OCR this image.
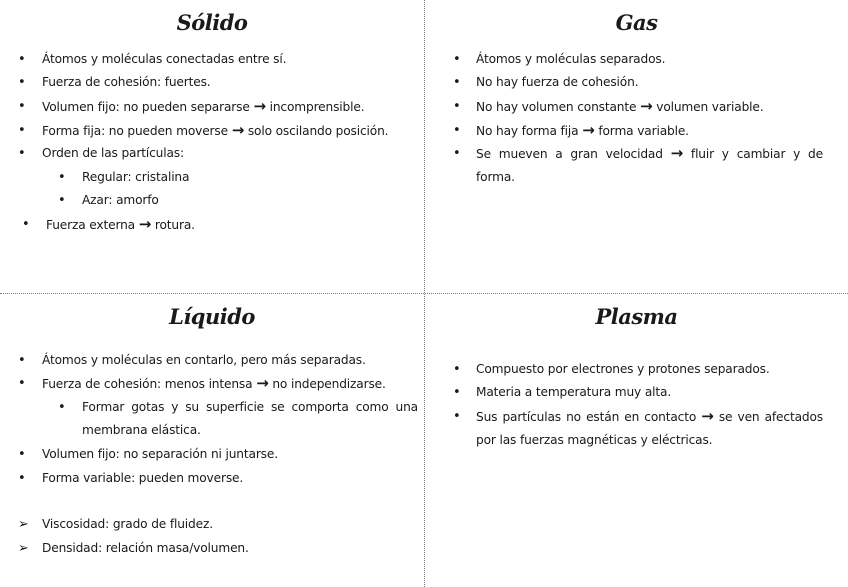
Sólido
• Átomos y moléculas conectadas entre sí.
• Fuerza de cohesión: fuertes.
• Volumen fijo: no pueden separarse → incomprensible.
• Forma fija: no pueden moverse → solo oscilando posición.
• Orden de las partículas:
• Regular: cristalina
• Azar: amorfo
• Fuerza externa → rotura.
Gas
• Átomos y moléculas separados.
• No hay fuerza de cohesión.
• No hay volumen constante → volumen variable.
• No hay forma fija → forma variable.
• Se mueven a gran velocidad → fluir y cambiar y de forma.
Líquido
• Átomos y moléculas en contarlo, pero más separadas.
• Fuerza de cohesión: menos intensa → no independizarse.
• Formar gotas y su superficie se comporta como una membrana elástica.
• Volumen fijo: no separación ni juntarse.
• Forma variable: pueden moverse.
➢ Viscosidad: grado de fluidez.
➢ Densidad: relación masa/volumen.
Plasma
• Compuesto por electrones y protones separados.
• Materia a temperatura muy alta.
• Sus partículas no están en contacto → se ven afectados por las fuerzas magnéticas y eléctricas.
